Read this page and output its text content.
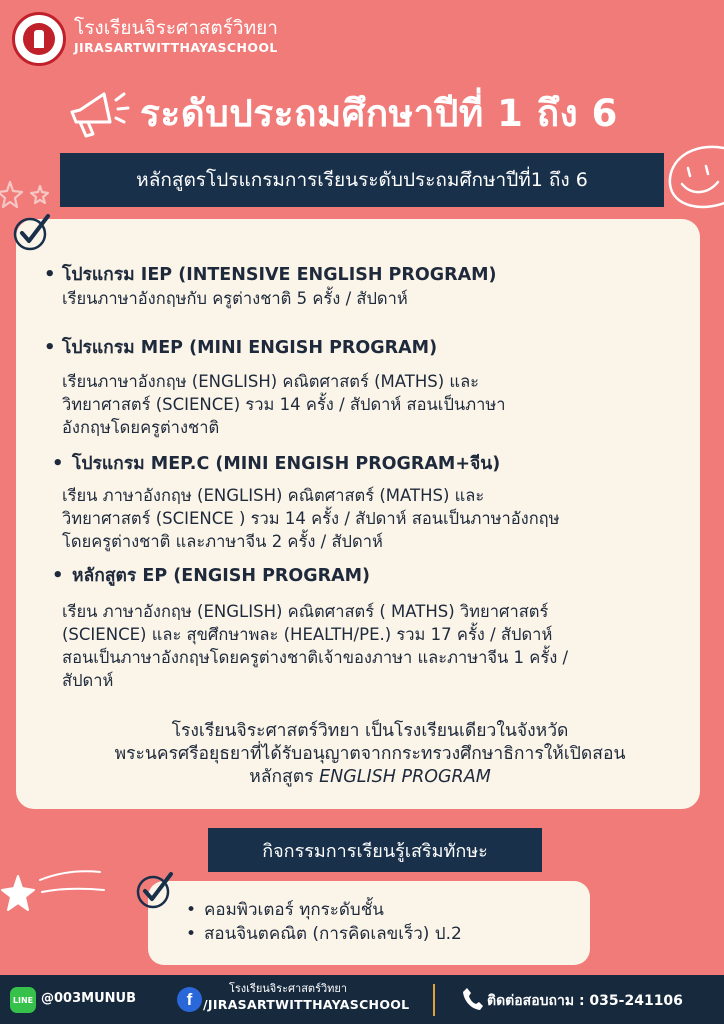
โรงเรียนจิระศาสตร์วิทยา
JIRASARTWITTHAYASCHOOL
ระดับประถมศึกษาปีที่ 1 ถึง 6
หลักสูตรโปรแกรมการเรียนระดับประถมศึกษาปีที่1 ถึง 6
• โปรแกรม IEP (INTENSIVE ENGLISH PROGRAM)
เรียนภาษาอังกฤษกับ ครูต่างชาติ 5 ครั้ง / สัปดาห์
• โปรแกรม MEP (MINI ENGISH PROGRAM)
เรียนภาษาอังกฤษ (ENGLISH) คณิตศาสตร์ (MATHS) และ
วิทยาศาสตร์ (SCIENCE) รวม 14 ครั้ง / สัปดาห์ สอนเป็นภาษา
อังกฤษโดยครูต่างชาติ
• โปรแกรม MEP.C (MINI ENGISH PROGRAM+จีน)
เรียน ภาษาอังกฤษ (ENGLISH) คณิตศาสตร์ (MATHS) และ
วิทยาศาสตร์ (SCIENCE ) รวม 14 ครั้ง / สัปดาห์ สอนเป็นภาษาอังกฤษ
โดยครูต่างชาติ และภาษาจีน 2 ครั้ง / สัปดาห์
• หลักสูตร EP (ENGISH PROGRAM)
เรียน ภาษาอังกฤษ (ENGLISH) คณิตศาสตร์ ( MATHS) วิทยาศาสตร์
(SCIENCE) และ สุขศึกษาพละ (HEALTH/PE.) รวม 17 ครั้ง / สัปดาห์
สอนเป็นภาษาอังกฤษโดยครูต่างชาติเจ้าของภาษา และภาษาจีน 1 ครั้ง /
สัปดาห์
โรงเรียนจิระศาสตร์วิทยา เป็นโรงเรียนเดียวในจังหวัด
พระนครศรีอยุธยาที่ได้รับอนุญาตจากกระทรวงศึกษาธิการให้เปิดสอน
หลักสูตร ENGLISH PROGRAM
กิจกรรมการเรียนรู้เสริมทักษะ
• คอมพิวเตอร์ ทุกระดับชั้น
• สอนจินตคณิต (การคิดเลขเร็ว) ป.2
LINE @003MUNUB	f
โรงเรียนจิระศาสตร์วิทยา
/JIRASARTWITTHAYASCHOOL	ติดต่อสอบถาม : 035-241106
